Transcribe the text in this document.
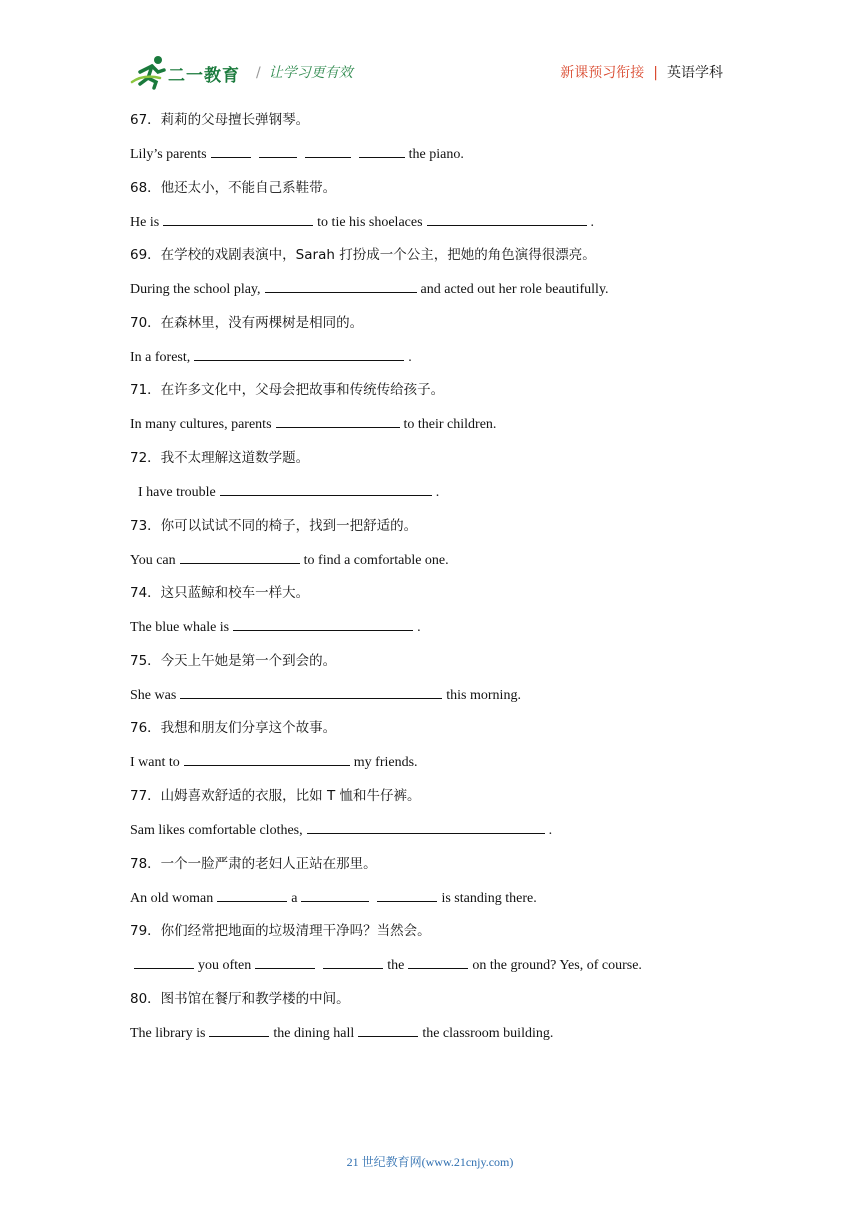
二一教育 / 让学习更有效	新课预习衔接 | 英语学科
67．莉莉的父母擅长弹钢琴。
Lily’s parents	the piano.
68．他还太小，不能自己系鞋带。
He is	to tie his shoelaces	.
69．在学校的戏剧表演中，Sarah 打扮成一个公主，把她的角色演得很漂亮。
During the school play,	and acted out her role beautifully.
70．在森林里，没有两棵树是相同的。
In a forest,	.
71．在许多文化中，父母会把故事和传统传给孩子。
In many cultures, parents	to their children.
72．我不太理解这道数学题。
I have trouble	.
73．你可以试试不同的椅子，找到一把舒适的。
You can	to find a comfortable one.
74．这只蓝鲸和校车一样大。
The blue whale is	.
75．今天上午她是第一个到会的。
She was	this morning.
76．我想和朋友们分享这个故事。
I want to	my friends.
77．山姆喜欢舒适的衣服，比如 T 恤和牛仔裤。
Sam likes comfortable clothes,	.
78．一个一脸严肃的老妇人正站在那里。
An old woman	a	is standing there.
79．你们经常把地面的垃圾清理干净吗？当然会。
you often	the	on the ground? Yes, of course.
80．图书馆在餐厅和教学楼的中间。
The library is	the dining hall	the classroom building.
21 世纪教育网(www.21cnjy.com)
